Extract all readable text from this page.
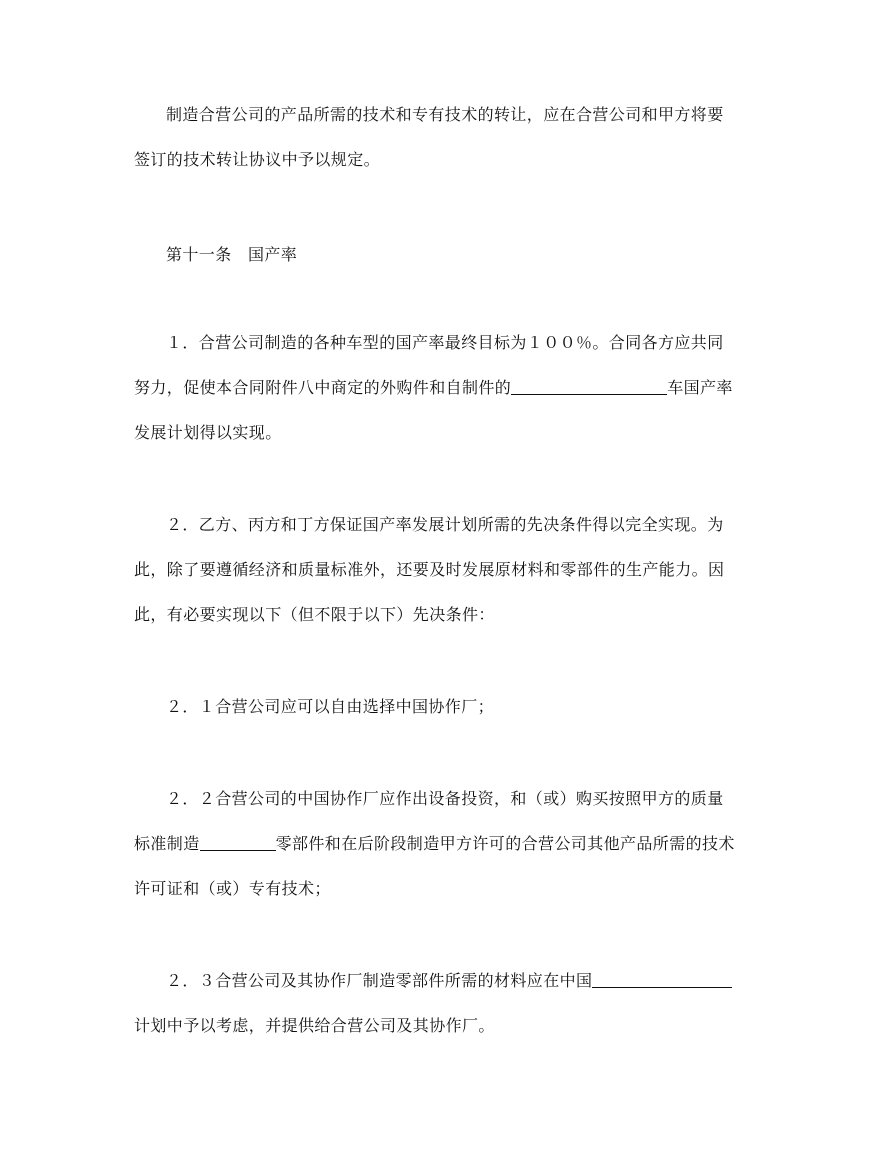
制造合营公司的产品所需的技术和专有技术的转让，应在合营公司和甲方将要
签订的技术转让协议中予以规定。
第十一条　国产率
１．合营公司制造的各种车型的国产率最终目标为１００％。合同各方应共同
努力，促使本合同附件八中商定的外购件和自制件的	车国产率
发展计划得以实现。
２．乙方、丙方和丁方保证国产率发展计划所需的先决条件得以完全实现。为
此，除了要遵循经济和质量标准外，还要及时发展原材料和零部件的生产能力。因
此，有必要实现以下（但不限于以下）先决条件：
２．１合营公司应可以自由选择中国协作厂；
２．２合营公司的中国协作厂应作出设备投资，和（或）购买按照甲方的质量
标准制造	零部件和在后阶段制造甲方许可的合营公司其他产品所需的技术
许可证和（或）专有技术；
２．３合营公司及其协作厂制造零部件所需的材料应在中国
计划中予以考虑，并提供给合营公司及其协作厂。
